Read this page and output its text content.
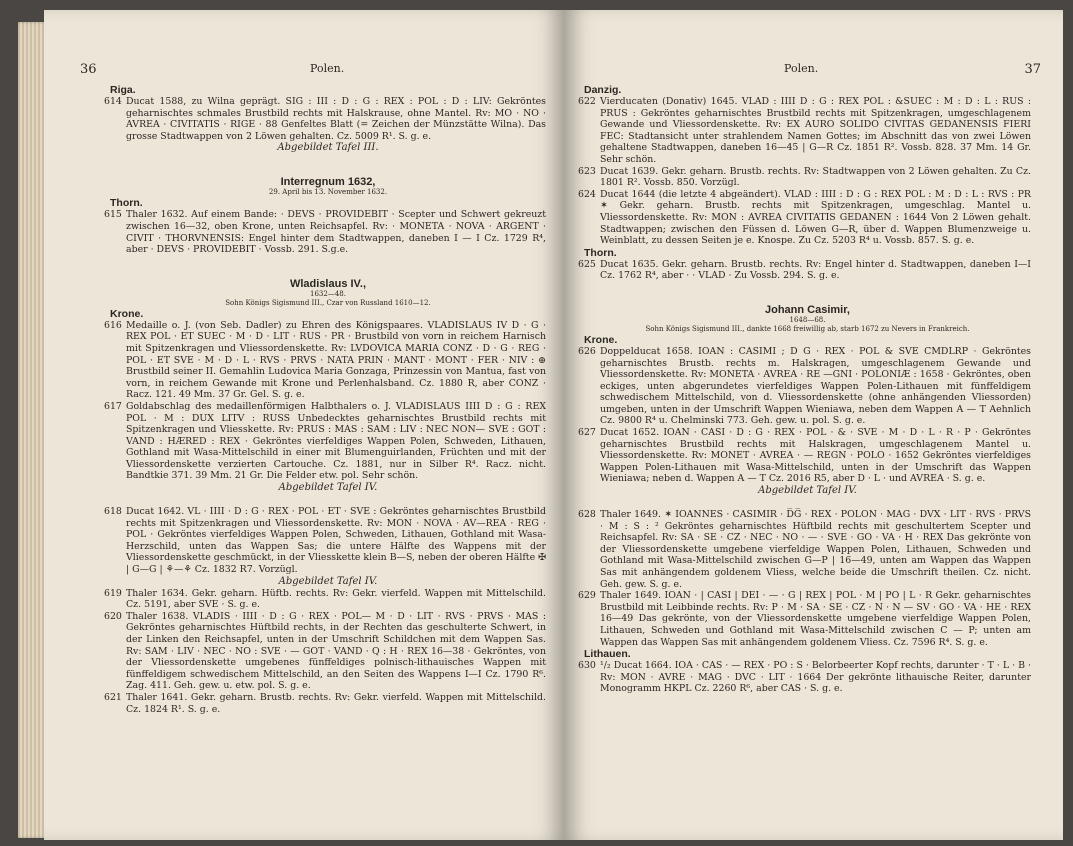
36	Polen.

Riga.

614 Ducat 1588, zu Wilna geprägt. SIG : III : D : G : REX : POL : D : LIV: Gekröntes geharnischtes schmales Brustbild rechts mit Halskrause, ohne Mantel. Rv: MO · NO · AVREA · CIVITATIS · RIGE · 88 Genfeltes Blatt (= Zeichen der Münzstätte Wilna). Das grosse Stadtwappen von 2 Löwen gehalten. Cz. 5009 R¹. S. g. e.

Abgebildet Tafel III.

Interregnum 1632,

29. April bis 13. November 1632.

Thorn.

615 Thaler 1632. Auf einem Bande: · DEVS · PROVIDEBIT · Scepter und Schwert gekreuzt zwischen 16—32, oben Krone, unten Reichsapfel. Rv: · MONETA · NOVA · ARGENT · CIVIT · THORVNENSIS: Engel hinter dem Stadtwappen, daneben I — I Cz. 1729 R⁴, aber · DEVS · PROVIDEBIT · Vossb. 291. S.g.e.

Wladislaus IV.,

1632—48.

Sohn Königs Sigismund III., Czar von Russland 1610—12.

Krone.

616 Medaille o. J. (von Seb. Dadler) zu Ehren des Königspaares. VLADISLAUS IV D · G · REX POL · ET SUEC · M · D · LIT · RUS · PR · Brustbild von vorn in reichem Harnisch mit Spitzenkragen und Vliessordenskette. Rv: LVDOVICA MARIA CONZ · D · G · REG · POL · ET SVE · M · D · L · RVS · PRVS · NATA PRIN · MANT · MONT · FER · NIV : ⊕ Brustbild seiner II. Gemahlin Ludovica Maria Gonzaga, Prinzessin von Mantua, fast von vorn, in reichem Gewande mit Krone und Perlenhalsband. Cz. 1880 R, aber CONZ · Racz. 121. 49 Mm. 37 Gr. Gel. S. g. e.

617 Goldabschlag des medaillenförmigen Halbthalers o. J. VLADISLAUS IIII D : G : REX POL · M : DUX LITV : RUSS Unbedecktes geharnischtes Brustbild rechts mit Spitzenkragen und Vliesskette. Rv: PRUS : MAS : SAM : LIV : NEC NON— SVE : GOT : VAND : HÆRED : REX · Gekröntes vierfeldiges Wappen Polen, Schweden, Lithauen, Gothland mit Wasa-Mittelschild in einer mit Blumenguirlanden, Früchten und mit der Vliessordenskette verzierten Cartouche. Cz. 1881, nur in Silber R⁴. Racz. nicht. Bandtkie 371. 39 Mm. 21 Gr. Die Felder etw. pol. Sehr schön.

Abgebildet Tafel IV.

618 Ducat 1642. VL · IIII · D : G · REX · POL · ET · SVE : Gekröntes geharnischtes Brustbild rechts mit Spitzenkragen und Vliessordenskette. Rv: MON · NOVA · AV—REA · REG · POL · Gekröntes vierfeldiges Wappen Polen, Schweden, Lithauen, Gothland mit Wasa-Herzschild, unten das Wappen Sas; die untere Hälfte des Wappens mit der Vliessordenskette geschmückt, in der Vliesskette klein B—S, neben der oberen Hälfte ✠ | G—G | ⚘—⚘ Cz. 1832 R7. Vorzügl.

Abgebildet Tafel IV.

619 Thaler 1634. Gekr. geharn. Hüftb. rechts. Rv: Gekr. vierfeld. Wappen mit Mittelschild. Cz. 5191, aber SVE · S. g. e.

620 Thaler 1638. VLADIS · IIII · D : G · REX · POL— M · D · LIT · RVS · PRVS · MAS : Gekröntes geharnischtes Hüftbild rechts, in der Rechten das geschulterte Schwert, in der Linken den Reichsapfel, unten in der Umschrift Schildchen mit dem Wappen Sas. Rv: SAM · LIV · NEC · NO : SVE · — GOT · VAND · Q : H · REX 16—38 · Gekröntes, von der Vliessordenskette umgebenes fünffeldiges polnisch-lithauisches Wappen mit fünffeldigem schwedischem Mittelschild, an den Seiten des Wappens I—I Cz. 1790 R⁶. Zag. 411. Geh. gew. u. etw. pol. S. g. e.

621 Thaler 1641. Gekr. geharn. Brustb. rechts. Rv: Gekr. vierfeld. Wappen mit Mittelschild. Cz. 1824 R¹. S. g. e.

Polen.	37

Danzig.

622 Vierducaten (Donativ) 1645. VLAD : IIII D : G : REX POL : &SUEC : M : D : L : RUS : PRUS : Gekröntes geharnischtes Brustbild rechts mit Spitzenkragen, umgeschlagenem Gewande und Vliessordenskette. Rv: EX AURO SOLIDO CIVITAS GEDANENSIS FIERI FEC: Stadtansicht unter strahlendem Namen Gottes; im Abschnitt das von zwei Löwen gehaltene Stadtwappen, daneben 16—45 | G—R Cz. 1851 R². Vossb. 828. 37 Mm. 14 Gr. Sehr schön.

623 Ducat 1639. Gekr. geharn. Brustb. rechts. Rv: Stadtwappen von 2 Löwen gehalten. Zu Cz. 1801 R². Vossb. 850. Vorzügl.

624 Ducat 1644 (die letzte 4 abgeändert). VLAD : IIII : D : G : REX POL : M : D : L : RVS : PR ✶ Gekr. geharn. Brustb. rechts mit Spitzenkragen, umgeschlag. Mantel u. Vliessordenskette. Rv: MON : AVREA CIVITATIS GEDANEN : 1644 Von 2 Löwen gehalt. Stadtwappen; zwischen den Füssen d. Löwen G—R, über d. Wappen Blumenzweige u. Weinblatt, zu dessen Seiten je e. Knospe. Zu Cz. 5203 R⁴ u. Vossb. 857. S. g. e.

Thorn.

625 Ducat 1635. Gekr. geharn. Brustb. rechts. Rv: Engel hinter d. Stadtwappen, daneben I—I Cz. 1762 R⁴, aber · · VLAD · Zu Vossb. 294. S. g. e.

Johann Casimir,

1648—68.

Sohn Königs Sigismund III., dankte 1668 freiwillig ab, starb 1672 zu Nevers in Frankreich.

Krone.

626 Doppelducat 1658. IOAN : CASIMI ; D G · REX · POL & SVE CMDLRP · Gekröntes geharnischtes Brustb. rechts m. Halskragen, umgeschlagenem Gewande und Vliessordenskette. Rv: MONETA · AVREA · RE —GNI · POLONIÆ : 1658 · Gekröntes, oben eckiges, unten abgerundetes vierfeldiges Wappen Polen-Lithauen mit fünffeldigem schwedischem Mittelschild, von d. Vliessordenskette (ohne anhängenden Vliessorden) umgeben, unten in der Umschrift Wappen Wieniawa, neben dem Wappen A — T Aehnlich Cz. 9800 R⁴ u. Chelminski 773. Geh. gew. u. pol. S. g. e.

627 Ducat 1652. IOAN · CASI · D : G · REX · POL · & · SVE · M · D · L · R · P · Gekröntes geharnischtes Brustbild rechts mit Halskragen, umgeschlagenem Mantel u. Vliessordenskette. Rv: MONET · AVREA · — REGN · POLO · 1652 Gekröntes vierfeldiges Wappen Polen-Lithauen mit Wasa-Mittelschild, unten in der Umschrift das Wappen Wieniawa; neben d. Wappen A — T Cz. 2016 R5, aber D · L · und AVREA · S. g. e.

Abgebildet Tafel IV.

628 Thaler 1649. ✶ IOANNES · CASIMIR · D̅G̅ · REX · POLON · MAG · DVX · LIT · RVS · PRVS · M : S : ² Gekröntes geharnischtes Hüftbild rechts mit geschultertem Scepter und Reichsapfel. Rv: SA · SE · CZ · NEC · NO · — · SVE · GO · VA · H · REX Das gekrönte von der Vliessordenskette umgebene vierfeldige Wappen Polen, Lithauen, Schweden und Gothland mit Wasa-Mittelschild zwischen G—P | 16—49, unten am Wappen das Wappen Sas mit anhängendem goldenem Vliess, welche beide die Umschrift theilen. Cz. nicht. Geh. gew. S. g. e.

629 Thaler 1649. IOAN · | CASI | DEI · — · G | REX | POL · M | PO | L · R Gekr. geharnischtes Brustbild mit Leibbinde rechts. Rv: P · M · SA · SE · CZ · N · N — SV · GO · VA · HE · REX 16—49 Das gekrönte, von der Vliessordenskette umgebene vierfeldige Wappen Polen, Lithauen, Schweden und Gothland mit Wasa-Mittelschild zwischen C — P; unten am Wappen das Wappen Sas mit anhängendem goldenem Vliess. Cz. 7596 R⁴. S. g. e.

Lithauen.

630 ¹/₂ Ducat 1664. IOA · CAS · — REX · PO : S · Belorbeerter Kopf rechts, darunter · T · L · B · Rv: MON · AVRE · MAG · DVC · LIT · 1664 Der gekrönte lithauische Reiter, darunter Monogramm HKPL Cz. 2260 R⁶, aber CAS · S. g. e.
